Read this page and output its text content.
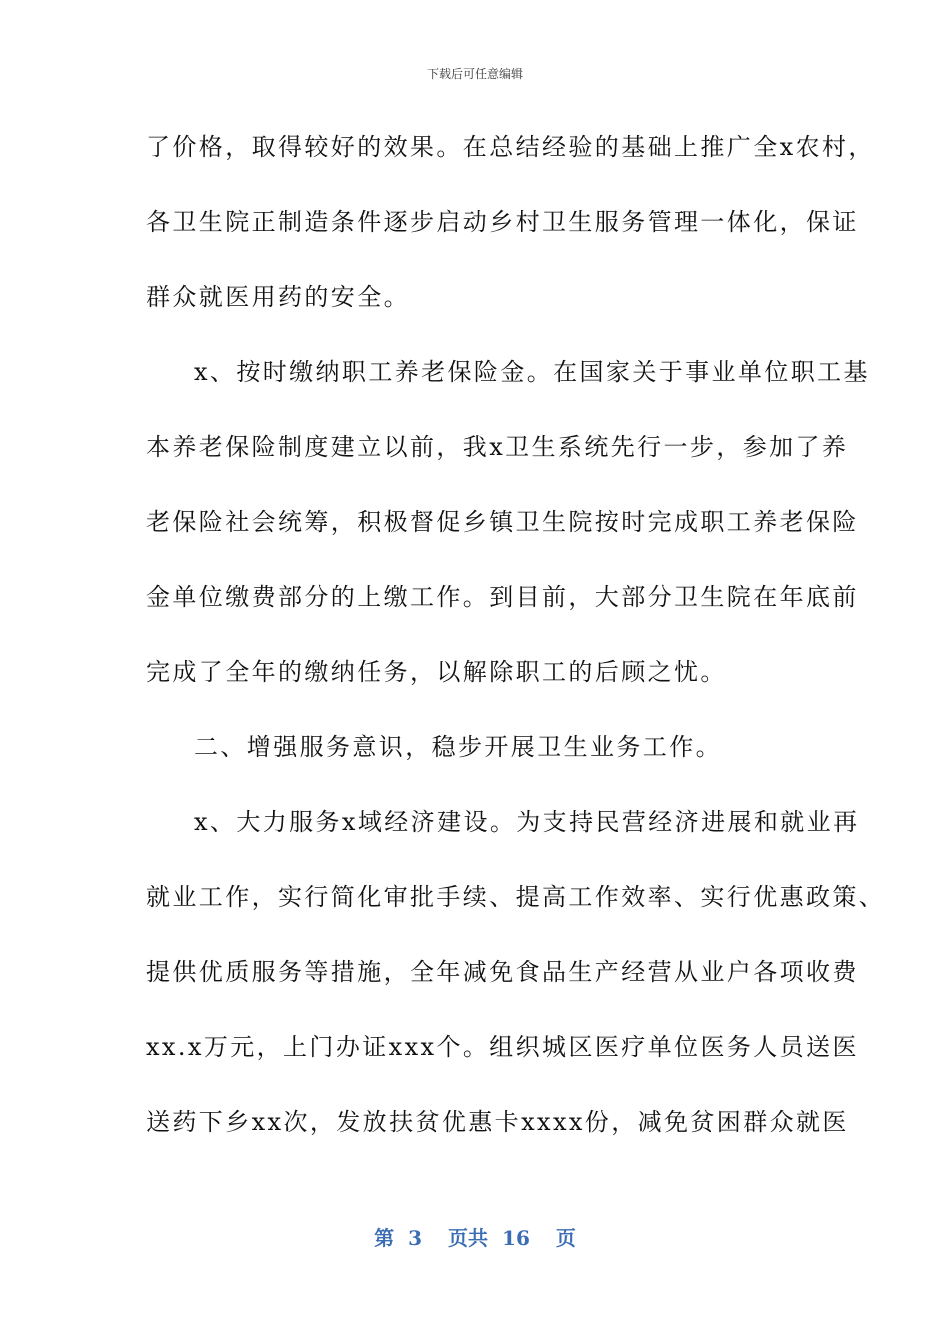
下载后可任意编辑
了价格，取得较好的效果。在总结经验的基础上推广全x农村，
各卫生院正制造条件逐步启动乡村卫生服务管理一体化，保证
群众就医用药的安全。
x、按时缴纳职工养老保险金。在国家关于事业单位职工基
本养老保险制度建立以前，我x卫生系统先行一步，参加了养
老保险社会统筹，积极督促乡镇卫生院按时完成职工养老保险
金单位缴费部分的上缴工作。到目前，大部分卫生院在年底前
完成了全年的缴纳任务，以解除职工的后顾之忧。
二、增强服务意识，稳步开展卫生业务工作。
x、大力服务x域经济建设。为支持民营经济进展和就业再
就业工作，实行简化审批手续、提高工作效率、实行优惠政策、
提供优质服务等措施，全年减免食品生产经营从业户各项收费
xx.x万元，上门办证xxx个。组织城区医疗单位医务人员送医
送药下乡xx次，发放扶贫优惠卡xxxx份，减免贫困群众就医
第 3 页共 16 页
